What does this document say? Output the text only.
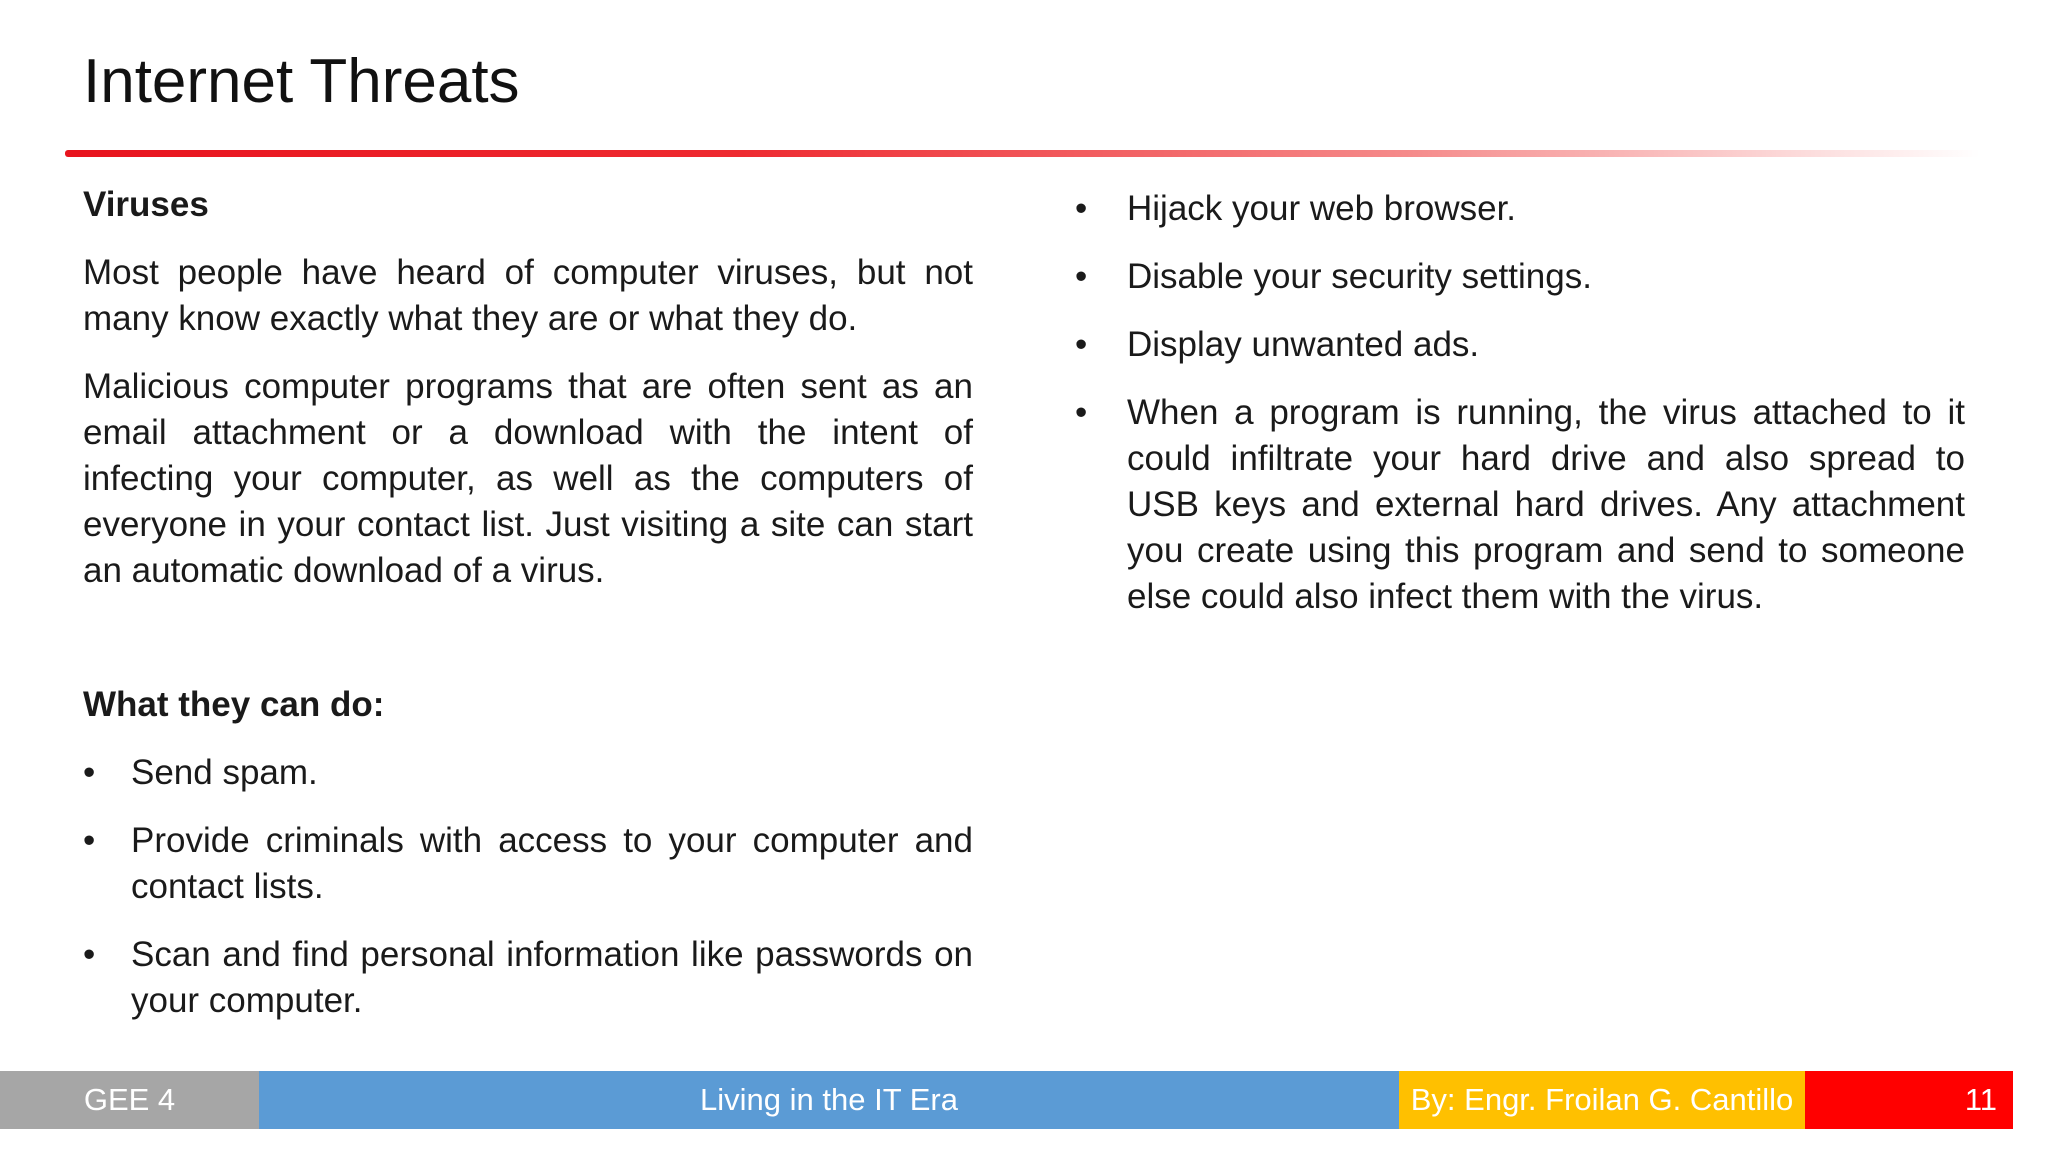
Internet Threats
Viruses

Most people have heard of computer viruses, but not many know exactly what they are or what they do.

Malicious computer programs that are often sent as an email attachment or a download with the intent of infecting your computer, as well as the computers of everyone in your contact list. Just visiting a site can start an automatic download of a virus.

What they can do:
• Send spam.
• Provide criminals with access to your computer and contact lists.
• Scan and find personal information like passwords on your computer.
• Hijack your web browser.
• Disable your security settings.
• Display unwanted ads.
• When a program is running, the virus attached to it could infiltrate your hard drive and also spread to USB keys and external hard drives. Any attachment you create using this program and send to someone else could also infect them with the virus.
GEE 4	Living in the IT Era	By: Engr. Froilan G. Cantillo	11
